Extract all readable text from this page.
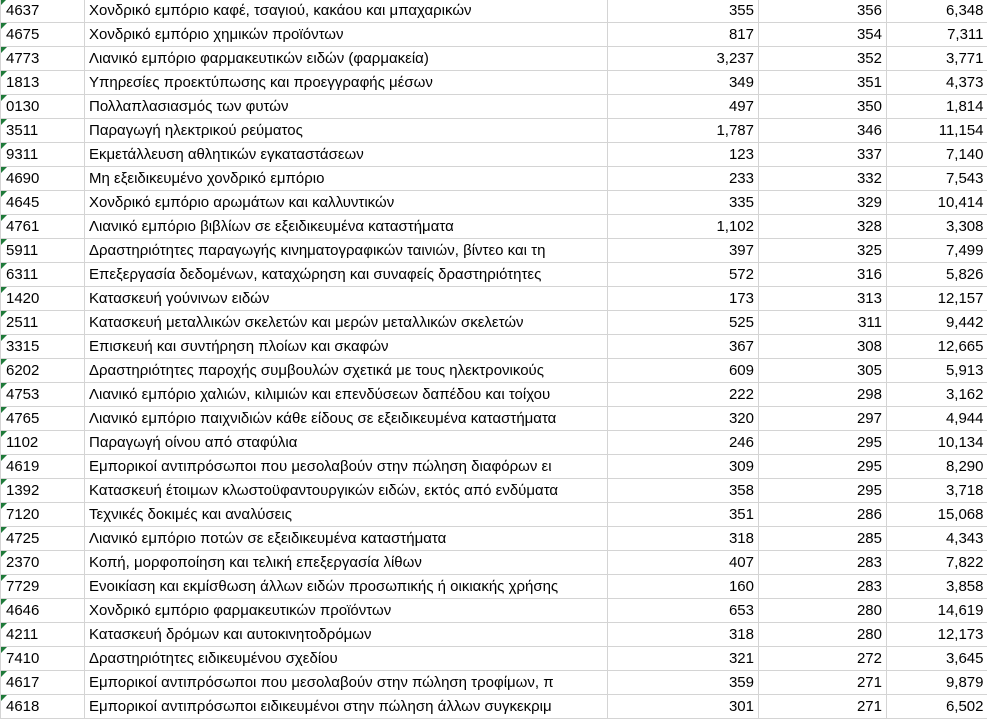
4637	Χονδρικό εμπόριο καφέ, τσαγιού, κακάου και μπαχαρικών	355	356	6,348
4675	Χονδρικό εμπόριο χημικών προϊόντων	817	354	7,311
4773	Λιανικό εμπόριο φαρμακευτικών ειδών (φαρμακεία)	3,237	352	3,771
1813	Υπηρεσίες προεκτύπωσης και προεγγραφής μέσων	349	351	4,373
0130	Πολλαπλασιασμός των φυτών	497	350	1,814
3511	Παραγωγή ηλεκτρικού ρεύματος	1,787	346	11,154
9311	Εκμετάλλευση αθλητικών εγκαταστάσεων	123	337	7,140
4690	Μη εξειδικευμένο χονδρικό εμπόριο	233	332	7,543
4645	Χονδρικό εμπόριο αρωμάτων και καλλυντικών	335	329	10,414
4761	Λιανικό εμπόριο βιβλίων σε εξειδικευμένα καταστήματα	1,102	328	3,308
5911	Δραστηριότητες παραγωγής κινηματογραφικών ταινιών, βίντεο και τη	397	325	7,499
6311	Επεξεργασία δεδομένων, καταχώρηση και συναφείς δραστηριότητες	572	316	5,826
1420	Κατασκευή γούνινων ειδών	173	313	12,157
2511	Κατασκευή μεταλλικών σκελετών και μερών μεταλλικών σκελετών	525	311	9,442
3315	Επισκευή και συντήρηση πλοίων και σκαφών	367	308	12,665
6202	Δραστηριότητες παροχής συμβουλών σχετικά με τους ηλεκτρονικούς	609	305	5,913
4753	Λιανικό εμπόριο χαλιών, κιλιμιών και επενδύσεων δαπέδου και τοίχου	222	298	3,162
4765	Λιανικό εμπόριο παιχνιδιών κάθε είδους σε εξειδικευμένα καταστήματα	320	297	4,944
1102	Παραγωγή οίνου από σταφύλια	246	295	10,134
4619	Εμπορικοί αντιπρόσωποι που μεσολαβούν στην πώληση διαφόρων ει	309	295	8,290
1392	Κατασκευή έτοιμων κλωστοϋφαντουργικών ειδών, εκτός από ενδύματα	358	295	3,718
7120	Τεχνικές δοκιμές και αναλύσεις	351	286	15,068
4725	Λιανικό εμπόριο ποτών σε εξειδικευμένα καταστήματα	318	285	4,343
2370	Κοπή, μορφοποίηση και τελική επεξεργασία λίθων	407	283	7,822
7729	Ενοικίαση και εκμίσθωση άλλων ειδών προσωπικής ή οικιακής χρήσης	160	283	3,858
4646	Χονδρικό εμπόριο φαρμακευτικών προϊόντων	653	280	14,619
4211	Κατασκευή δρόμων και αυτοκινητοδρόμων	318	280	12,173
7410	Δραστηριότητες ειδικευμένου σχεδίου	321	272	3,645
4617	Εμπορικοί αντιπρόσωποι που μεσολαβούν στην πώληση τροφίμων, π	359	271	9,879
4618	Εμπορικοί αντιπρόσωποι ειδικευμένοι στην πώληση άλλων συγκεκριμ	301	271	6,502
